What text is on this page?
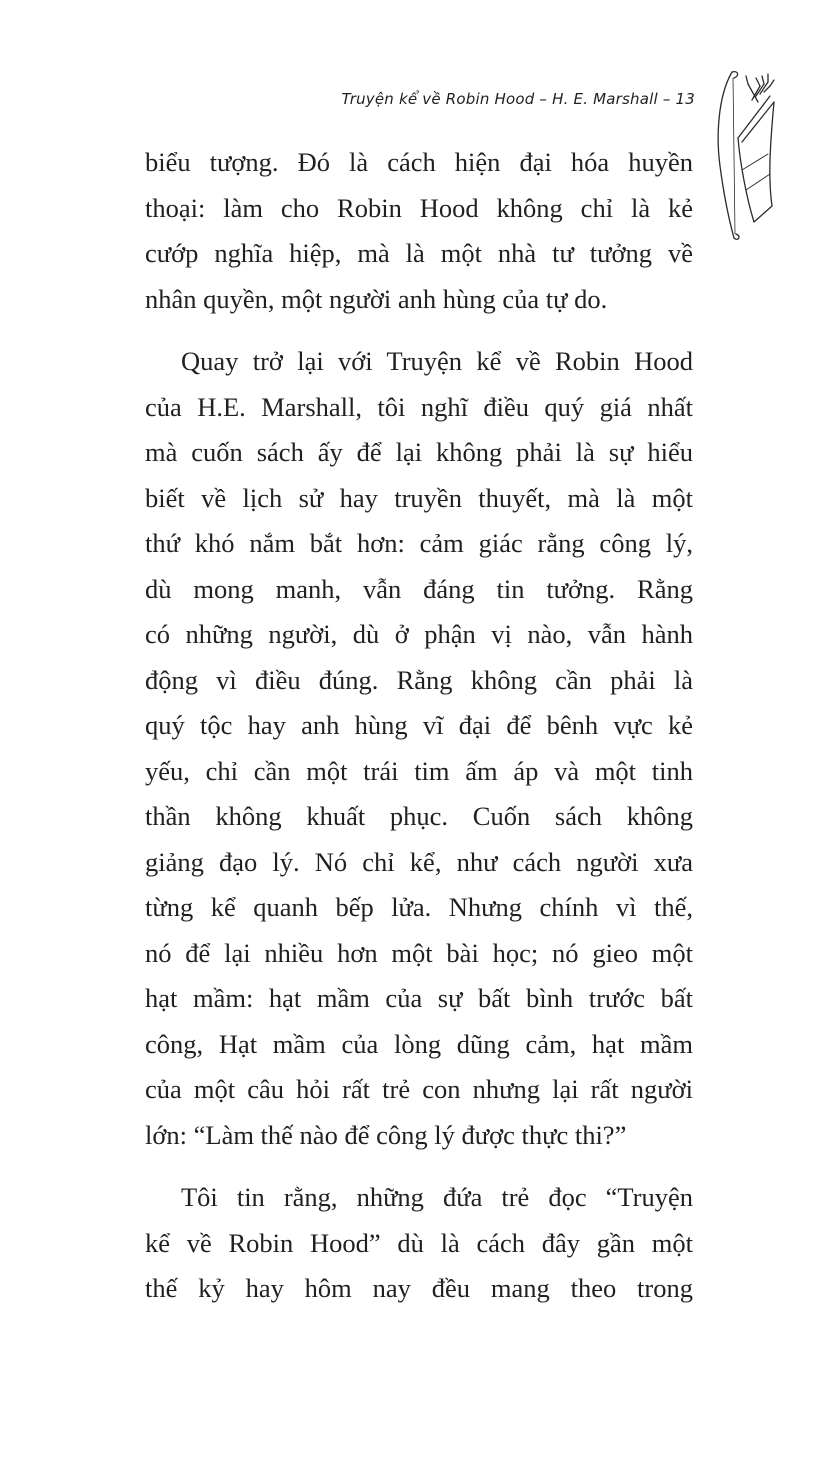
Truyện kể về Robin Hood – H. E. Marshall – 13
biểu tượng. Đó là cách hiện đại hóa huyền
thoại: làm cho Robin Hood không chỉ là kẻ
cướp nghĩa hiệp, mà là một nhà tư tưởng về
nhân quyền, một người anh hùng của tự do.
Quay trở lại với Truyện kể về Robin Hood
của H.E. Marshall, tôi nghĩ điều quý giá nhất
mà cuốn sách ấy để lại không phải là sự hiểu
biết về lịch sử hay truyền thuyết, mà là một
thứ khó nắm bắt hơn: cảm giác rằng công lý,
dù mong manh, vẫn đáng tin tưởng. Rằng
có những người, dù ở phận vị nào, vẫn hành
động vì điều đúng. Rằng không cần phải là
quý tộc hay anh hùng vĩ đại để bênh vực kẻ
yếu, chỉ cần một trái tim ấm áp và một tinh
thần không khuất phục. Cuốn sách không
giảng đạo lý. Nó chỉ kể, như cách người xưa
từng kể quanh bếp lửa. Nhưng chính vì thế,
nó để lại nhiều hơn một bài học; nó gieo một
hạt mầm: hạt mầm của sự bất bình trước bất
công, Hạt mầm của lòng dũng cảm, hạt mầm
của một câu hỏi rất trẻ con nhưng lại rất người
lớn: “Làm thế nào để công lý được thực thi?”
Tôi tin rằng, những đứa trẻ đọc “Truyện
kể về Robin Hood” dù là cách đây gần một
thế kỷ hay hôm nay đều mang theo trong
